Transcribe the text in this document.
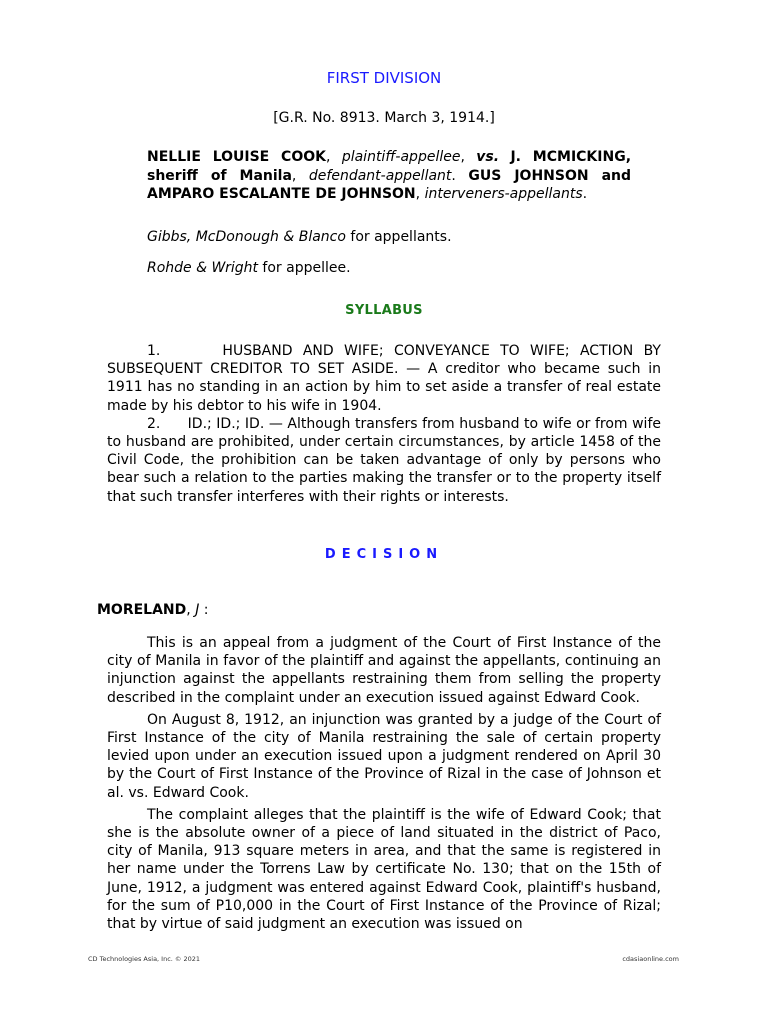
FIRST DIVISION
[G.R. No. 8913. March 3, 1914.]
NELLIE LOUISE COOK, plaintiff-appellee, vs. J. MCMICKING, sheriff of Manila, defendant-appellant. GUS JOHNSON and AMPARO ESCALANTE DE JOHNSON, interveners-appellants.
Gibbs, McDonough & Blanco for appellants.
Rohde & Wright for appellee.
SYLLABUS

1.      HUSBAND AND WIFE; CONVEYANCE TO WIFE; ACTION BY SUBSEQUENT CREDITOR TO SET ASIDE. — A creditor who became such in 1911 has no standing in an action by him to set aside a transfer of real estate made by his debtor to his wife in 1904.

2.      ID.; ID.; ID. — Although transfers from husband to wife or from wife to husband are prohibited, under certain circumstances, by article 1458 of the Civil Code, the prohibition can be taken advantage of only by persons who bear such a relation to the parties making the transfer or to the property itself that such transfer interferes with their rights or interests.

DECISION
MORELAND, J :

This is an appeal from a judgment of the Court of First Instance of the city of Manila in favor of the plaintiff and against the appellants, continuing an injunction against the appellants restraining them from selling the property described in the complaint under an execution issued against Edward Cook.

On August 8, 1912, an injunction was granted by a judge of the Court of First Instance of the city of Manila restraining the sale of certain property levied upon under an execution issued upon a judgment rendered on April 30 by the Court of First Instance of the Province of Rizal in the case of Johnson et al. vs. Edward Cook.

The complaint alleges that the plaintiff is the wife of Edward Cook; that she is the absolute owner of a piece of land situated in the district of Paco, city of Manila, 913 square meters in area, and that the same is registered in her name under the Torrens Law by certificate No. 130; that on the 15th of June, 1912, a judgment was entered against Edward Cook, plaintiff's husband, for the sum of P10,000 in the Court of First Instance of the Province of Rizal; that by virtue of said judgment an execution was issued on

CD Technologies Asia, Inc. © 2021	cdasiaonline.com
